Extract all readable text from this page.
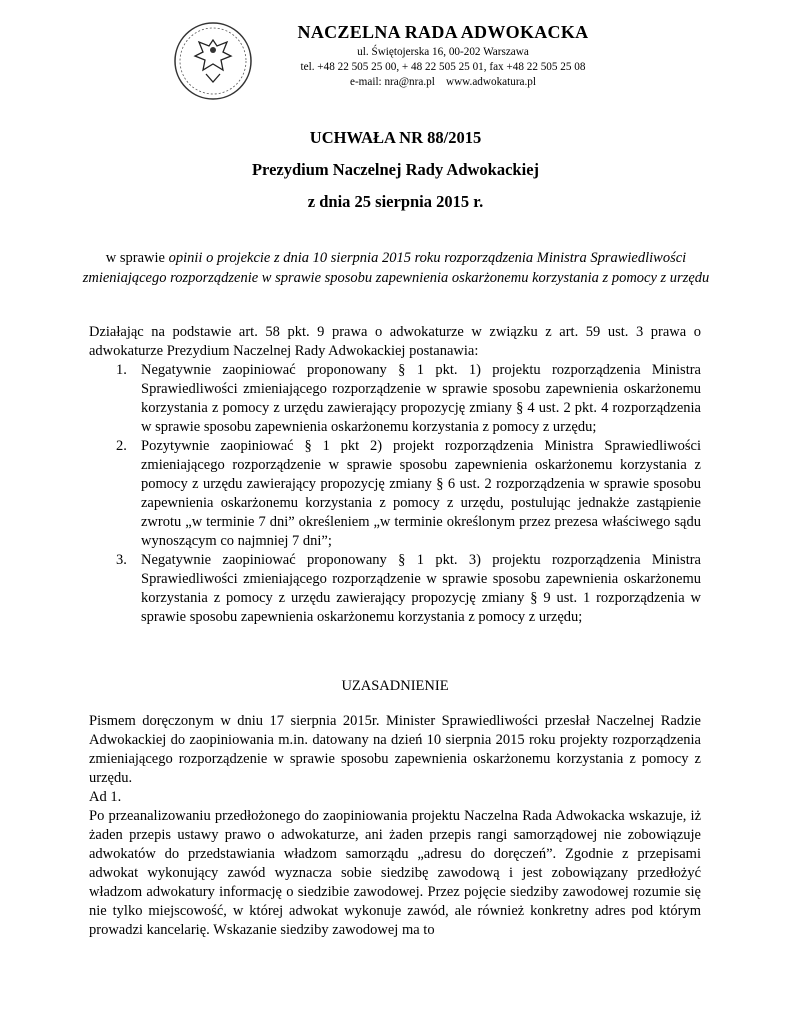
NACZELNA RADA ADWOKACKA
ul. Świętojerska 16, 00-202 Warszawa
tel. +48 22 505 25 00, + 48 22 505 25 01, fax +48 22 505 25 08
e-mail: nra@nra.pl    www.adwokatura.pl
UCHWAŁA NR 88/2015
Prezydium Naczelnej Rady Adwokackiej
z dnia 25 sierpnia 2015 r.
w sprawie opinii o projekcie z dnia 10 sierpnia 2015 roku rozporządzenia Ministra Sprawiedliwości zmieniającego rozporządzenie w sprawie sposobu zapewnienia oskarżonemu korzystania z pomocy z urzędu
Działając na podstawie art. 58 pkt. 9 prawa o adwokaturze w związku z art. 59 ust. 3 prawa o adwokaturze Prezydium Naczelnej Rady Adwokackiej postanawia:
1. Negatywnie zaopiniować proponowany § 1 pkt. 1) projektu rozporządzenia Ministra Sprawiedliwości zmieniającego rozporządzenie w sprawie sposobu zapewnienia oskarżonemu korzystania z pomocy z urzędu zawierający propozycję zmiany § 4 ust. 2 pkt. 4 rozporządzenia w sprawie sposobu zapewnienia oskarżonemu korzystania z pomocy z urzędu;
2. Pozytywnie zaopiniować § 1 pkt 2) projekt rozporządzenia Ministra Sprawiedliwości zmieniającego rozporządzenie w sprawie sposobu zapewnienia oskarżonemu korzystania z pomocy z urzędu zawierający propozycję zmiany § 6 ust. 2 rozporządzenia w sprawie sposobu zapewnienia oskarżonemu korzystania z pomocy z urzędu, postulując jednakże zastąpienie zwrotu „w terminie 7 dni” określeniem „w terminie określonym przez prezesa właściwego sądu wynoszącym co najmniej 7 dni”;
3. Negatywnie zaopiniować proponowany § 1 pkt. 3) projektu rozporządzenia Ministra Sprawiedliwości zmieniającego rozporządzenie w sprawie sposobu zapewnienia oskarżonemu korzystania z pomocy z urzędu zawierający propozycję zmiany § 9 ust. 1 rozporządzenia w sprawie sposobu zapewnienia oskarżonemu korzystania z pomocy z urzędu;
UZASADNIENIE
Pismem doręczonym w dniu 17 sierpnia 2015r. Minister Sprawiedliwości przesłał Naczelnej Radzie Adwokackiej do zaopiniowania m.in. datowany na dzień 10 sierpnia 2015 roku projekty rozporządzenia zmieniającego rozporządzenie w sprawie sposobu zapewnienia oskarżonemu korzystania z pomocy z urzędu.
Ad 1.
Po przeanalizowaniu przedłożonego do zaopiniowania projektu Naczelna Rada Adwokacka wskazuje, iż żaden przepis ustawy prawo o adwokaturze, ani żaden przepis rangi samorządowej nie zobowiązuje adwokatów do przedstawiania władzom samorządu „adresu do doręczeń”. Zgodnie z przepisami adwokat wykonujący zawód wyznacza sobie siedzibę zawodową i jest zobowiązany przedłożyć władzom adwokatury informację o siedzibie zawodowej. Przez pojęcie siedziby zawodowej rozumie się nie tylko miejscowość, w której adwokat wykonuje zawód, ale również konkretny adres pod którym prowadzi kancelarię. Wskazanie siedziby zawodowej ma to
